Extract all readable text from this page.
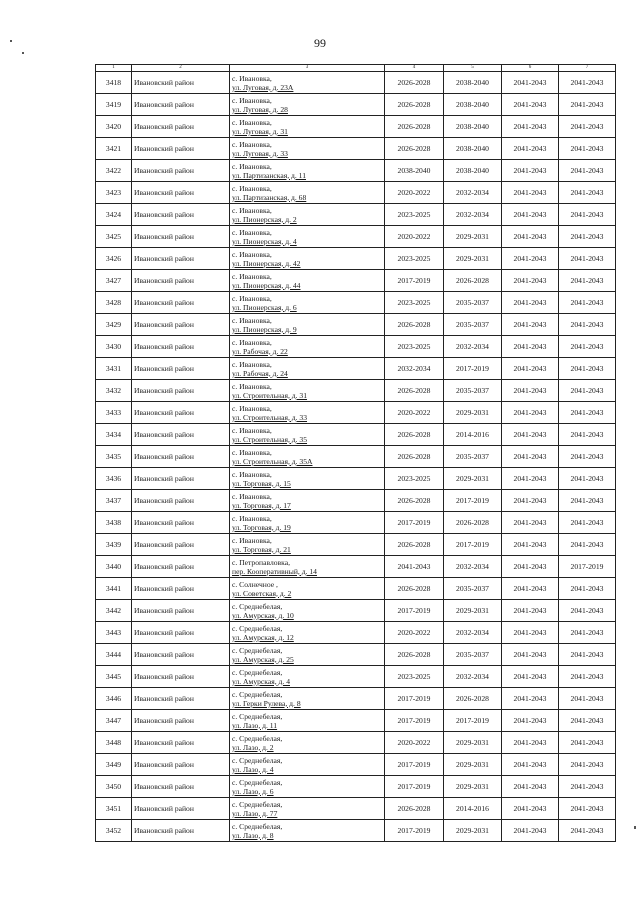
99
1	2	3	4	5	6	7
3418	Ивановский район	с. Ивановка,
ул. Луговая, д. 23А	2026-2028	2038-2040	2041-2043	2041-2043
3419	Ивановский район	с. Ивановка,
ул. Луговая, д. 28	2026-2028	2038-2040	2041-2043	2041-2043
3420	Ивановский район	с. Ивановка,
ул. Луговая, д. 31	2026-2028	2038-2040	2041-2043	2041-2043
3421	Ивановский район	с. Ивановка,
ул. Луговая, д. 33	2026-2028	2038-2040	2041-2043	2041-2043
3422	Ивановский район	с. Ивановка,
ул. Партизанская, д. 11	2038-2040	2038-2040	2041-2043	2041-2043
3423	Ивановский район	с. Ивановка,
ул. Партизанская, д. 68	2020-2022	2032-2034	2041-2043	2041-2043
3424	Ивановский район	с. Ивановка,
ул. Пионерская, д. 2	2023-2025	2032-2034	2041-2043	2041-2043
3425	Ивановский район	с. Ивановка,
ул. Пионерская, д. 4	2020-2022	2029-2031	2041-2043	2041-2043
3426	Ивановский район	с. Ивановка,
ул. Пионерская, д. 42	2023-2025	2029-2031	2041-2043	2041-2043
3427	Ивановский район	с. Ивановка,
ул. Пионерская, д. 44	2017-2019	2026-2028	2041-2043	2041-2043
3428	Ивановский район	с. Ивановка,
ул. Пионерская, д. 6	2023-2025	2035-2037	2041-2043	2041-2043
3429	Ивановский район	с. Ивановка,
ул. Пионерская, д. 9	2026-2028	2035-2037	2041-2043	2041-2043
3430	Ивановский район	с. Ивановка,
ул. Рабочая, д. 22	2023-2025	2032-2034	2041-2043	2041-2043
3431	Ивановский район	с. Ивановка,
ул. Рабочая, д. 24	2032-2034	2017-2019	2041-2043	2041-2043
3432	Ивановский район	с. Ивановка,
ул. Строительная, д. 31	2026-2028	2035-2037	2041-2043	2041-2043
3433	Ивановский район	с. Ивановка,
ул. Строительная, д. 33	2020-2022	2029-2031	2041-2043	2041-2043
3434	Ивановский район	с. Ивановка,
ул. Строительная, д. 35	2026-2028	2014-2016	2041-2043	2041-2043
3435	Ивановский район	с. Ивановка,
ул. Строительная, д. 35А	2026-2028	2035-2037	2041-2043	2041-2043
3436	Ивановский район	с. Ивановка,
ул. Торговая, д. 15	2023-2025	2029-2031	2041-2043	2041-2043
3437	Ивановский район	с. Ивановка,
ул. Торговая, д. 17	2026-2028	2017-2019	2041-2043	2041-2043
3438	Ивановский район	с. Ивановка,
ул. Торговая, д. 19	2017-2019	2026-2028	2041-2043	2041-2043
3439	Ивановский район	с. Ивановка,
ул. Торговая, д. 21	2026-2028	2017-2019	2041-2043	2041-2043
3440	Ивановский район	с. Петропавловка,
пер. Кооперативный, д. 14	2041-2043	2032-2034	2041-2043	2017-2019
3441	Ивановский район	с. Солнечное ,
ул. Советская, д. 2	2026-2028	2035-2037	2041-2043	2041-2043
3442	Ивановский район	с. Среднебелая,
ул. Амурская, д. 10	2017-2019	2029-2031	2041-2043	2041-2043
3443	Ивановский район	с. Среднебелая,
ул. Амурская, д. 12	2020-2022	2032-2034	2041-2043	2041-2043
3444	Ивановский район	с. Среднебелая,
ул. Амурская, д. 25	2026-2028	2035-2037	2041-2043	2041-2043
3445	Ивановский район	с. Среднебелая,
ул. Амурская, д. 4	2023-2025	2032-2034	2041-2043	2041-2043
3446	Ивановский район	с. Среднебелая,
ул. Герки Рулева, д. 8	2017-2019	2026-2028	2041-2043	2041-2043
3447	Ивановский район	с. Среднебелая,
ул. Лазо, д. 11	2017-2019	2017-2019	2041-2043	2041-2043
3448	Ивановский район	с. Среднебелая,
ул. Лазо, д. 2	2020-2022	2029-2031	2041-2043	2041-2043
3449	Ивановский район	с. Среднебелая,
ул. Лазо, д. 4	2017-2019	2029-2031	2041-2043	2041-2043
3450	Ивановский район	с. Среднебелая,
ул. Лазо, д. 6	2017-2019	2029-2031	2041-2043	2041-2043
3451	Ивановский район	с. Среднебелая,
ул. Лазо, д. 77	2026-2028	2014-2016	2041-2043	2041-2043
3452	Ивановский район	с. Среднебелая,
ул. Лазо, д. 8	2017-2019	2029-2031	2041-2043	2041-2043
